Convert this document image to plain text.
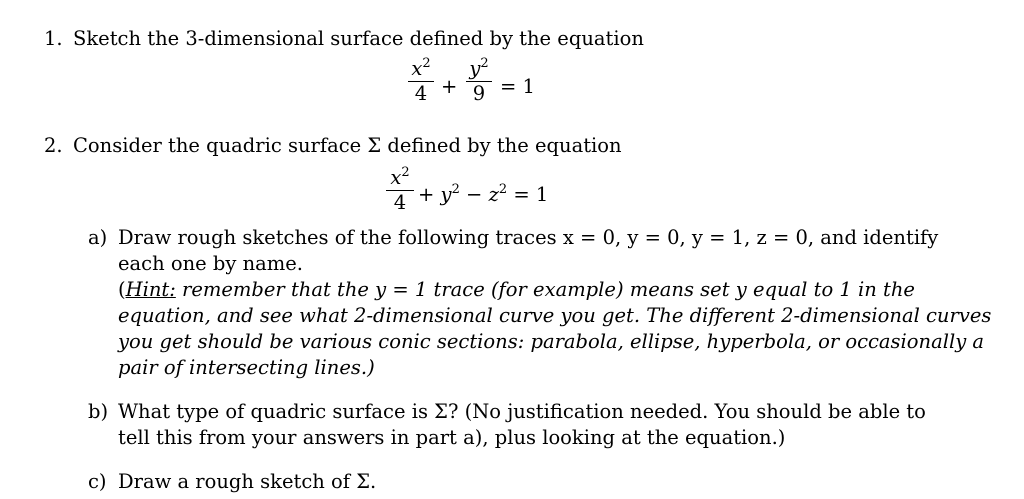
1. Sketch the 3-dimensional surface defined by the equation
$x^2$
4 +
$y^2$
9 = 1
2. Consider the quadric surface Σ defined by the equation
$x^2$
$4 + y^2 - z^2 = 1$
a) Draw rough sketches of the following traces x = 0, y = 0, y = 1, z = 0, and identify
each one by name.
(Hint: remember that the y = 1 trace (for example) means set y equal to 1 in the
equation, and see what 2-dimensional curve you get. The different 2-dimensional curves
you get should be various conic sections: parabola, ellipse, hyperbola, or occasionally a
pair of intersecting lines.)
b) What type of quadric surface is Σ? (No justification needed. You should be able to
tell this from your answers in part a), plus looking at the equation.)
c) Draw a rough sketch of Σ.
